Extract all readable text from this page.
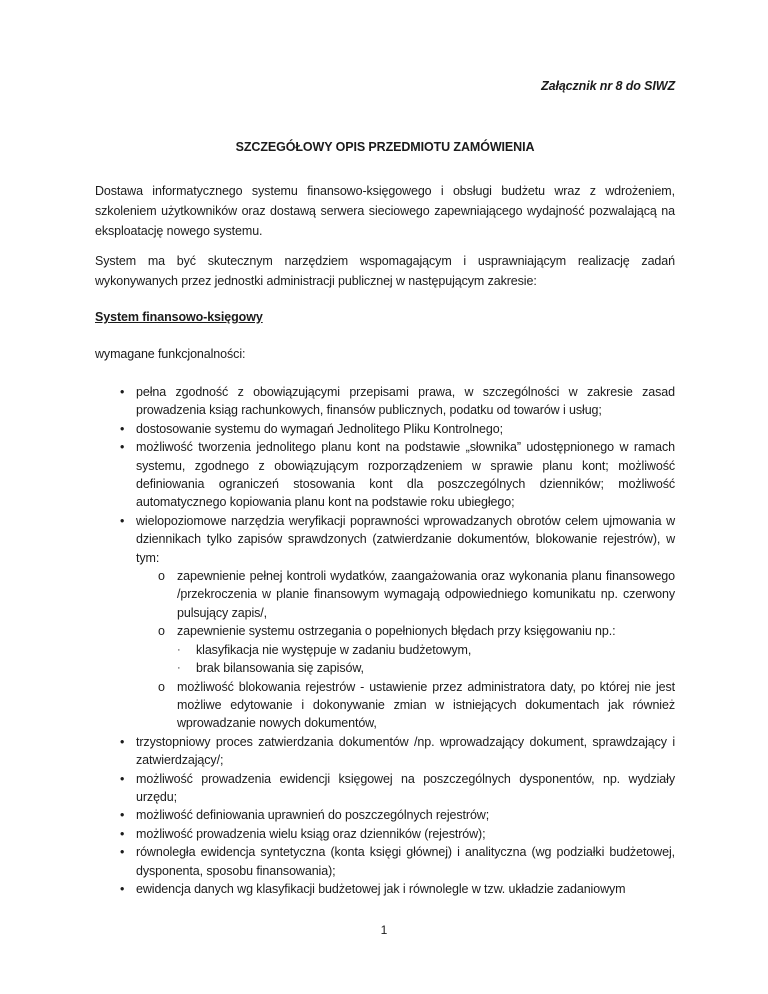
Załącznik nr 8 do SIWZ
SZCZEGÓŁOWY OPIS PRZEDMIOTU ZAMÓWIENIA
Dostawa informatycznego systemu finansowo-księgowego i obsługi budżetu wraz z wdrożeniem, szkoleniem użytkowników oraz dostawą serwera sieciowego zapewniającego wydajność pozwalającą na eksploatację nowego systemu.
System ma być skutecznym narzędziem wspomagającym i usprawniającym realizację zadań wykonywanych przez jednostki administracji publicznej w następującym zakresie:
System finansowo-księgowy
wymagane funkcjonalności:
• pełna zgodność z obowiązującymi przepisami prawa, w szczególności w zakresie zasad prowadzenia ksiąg rachunkowych, finansów publicznych, podatku od towarów i usług;
• dostosowanie systemu do wymagań Jednolitego Pliku Kontrolnego;
• możliwość tworzenia jednolitego planu kont na podstawie „słownika” udostępnionego w ramach systemu, zgodnego z obowiązującym rozporządzeniem w sprawie planu kont; możliwość definiowania ograniczeń stosowania kont dla poszczególnych dzienników; możliwość automatycznego kopiowania planu kont na podstawie roku ubiegłego;
• wielopoziomowe narzędzia weryfikacji poprawności wprowadzanych obrotów celem ujmowania w dziennikach tylko zapisów sprawdzonych (zatwierdzanie dokumentów, blokowanie rejestrów), w tym:
o zapewnienie pełnej kontroli wydatków, zaangażowania oraz wykonania planu finansowego /przekroczenia w planie finansowym wymagają odpowiedniego komunikatu np. czerwony pulsujący zapis/,
o zapewnienie systemu ostrzegania o popełnionych błędach przy księgowaniu np.:
· klasyfikacja nie występuje w zadaniu budżetowym,
· brak bilansowania się zapisów,
o możliwość blokowania rejestrów - ustawienie przez administratora daty, po której nie jest możliwe edytowanie i dokonywanie zmian w istniejących dokumentach jak również wprowadzanie nowych dokumentów,
• trzystopniowy proces zatwierdzania dokumentów /np. wprowadzający dokument, sprawdzający i zatwierdzający/;
• możliwość prowadzenia ewidencji księgowej na poszczególnych dysponentów, np. wydziały urzędu;
• możliwość definiowania uprawnień do poszczególnych rejestrów;
• możliwość prowadzenia wielu ksiąg oraz dzienników (rejestrów);
• równoległa ewidencja syntetyczna (konta księgi głównej) i analityczna (wg podziałki budżetowej, dysponenta, sposobu finansowania);
• ewidencja danych wg klasyfikacji budżetowej jak i równolegle w tzw. układzie zadaniowym
1
